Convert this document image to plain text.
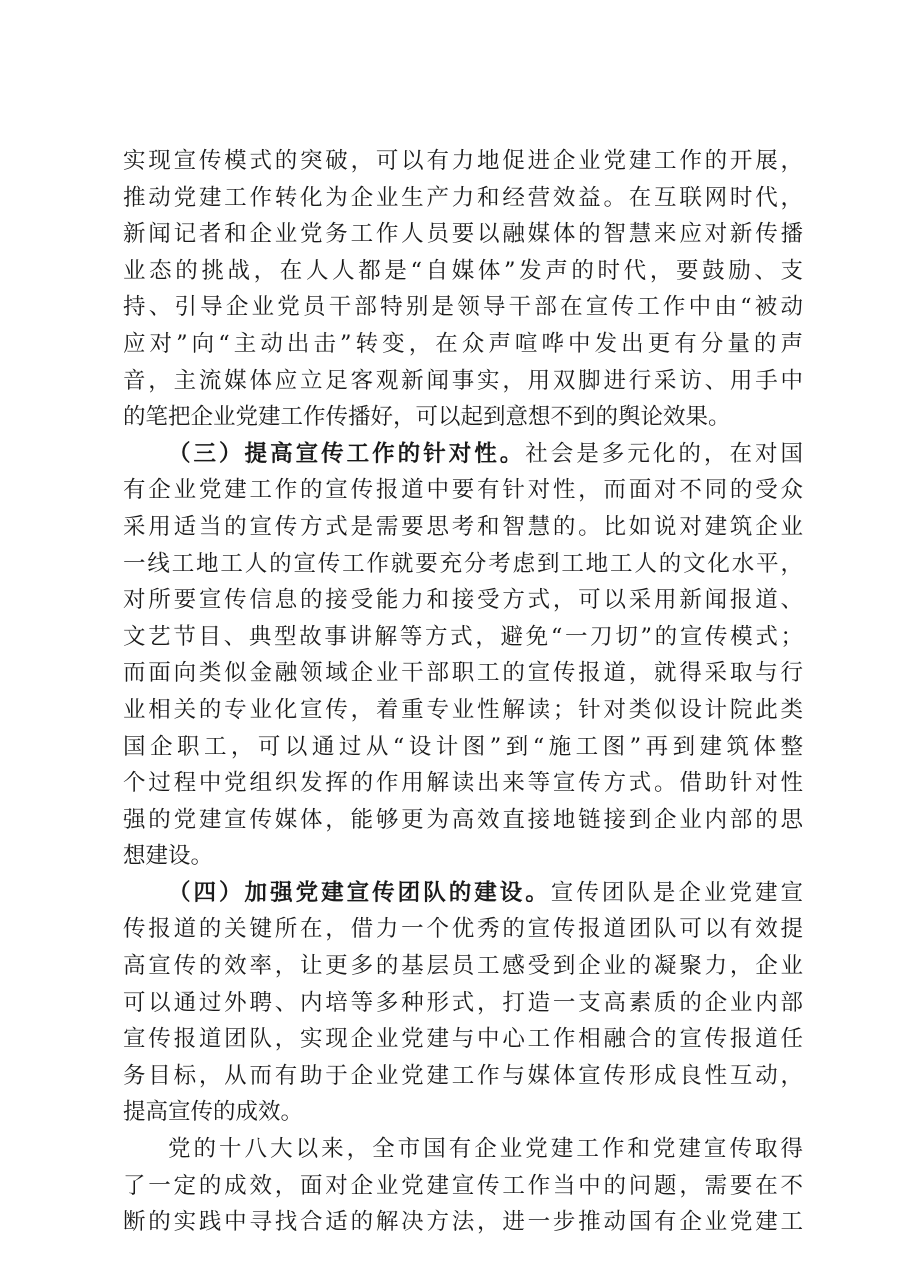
实现宣传模式的突破，可以有力地促进企业党建工作的开展，
推动党建工作转化为企业生产力和经营效益。在互联网时代，
新闻记者和企业党务工作人员要以融媒体的智慧来应对新传播
业态的挑战，在人人都是“自媒体”发声的时代，要鼓励、支
持、引导企业党员干部特别是领导干部在宣传工作中由“被动
应对”向“主动出击”转变，在众声喧哗中发出更有分量的声
音，主流媒体应立足客观新闻事实，用双脚进行采访、用手中
的笔把企业党建工作传播好，可以起到意想不到的舆论效果。
（三）提高宣传工作的针对性。社会是多元化的，在对国
有企业党建工作的宣传报道中要有针对性，而面对不同的受众
采用适当的宣传方式是需要思考和智慧的。比如说对建筑企业
一线工地工人的宣传工作就要充分考虑到工地工人的文化水平，
对所要宣传信息的接受能力和接受方式，可以采用新闻报道、
文艺节目、典型故事讲解等方式，避免“一刀切”的宣传模式；
而面向类似金融领域企业干部职工的宣传报道，就得采取与行
业相关的专业化宣传，着重专业性解读；针对类似设计院此类
国企职工，可以通过从“设计图”到“施工图”再到建筑体整
个过程中党组织发挥的作用解读出来等宣传方式。借助针对性
强的党建宣传媒体，能够更为高效直接地链接到企业内部的思
想建设。
（四）加强党建宣传团队的建设。宣传团队是企业党建宣
传报道的关键所在，借力一个优秀的宣传报道团队可以有效提
高宣传的效率，让更多的基层员工感受到企业的凝聚力，企业
可以通过外聘、内培等多种形式，打造一支高素质的企业内部
宣传报道团队，实现企业党建与中心工作相融合的宣传报道任
务目标，从而有助于企业党建工作与媒体宣传形成良性互动，
提高宣传的成效。
党的十八大以来，全市国有企业党建工作和党建宣传取得
了一定的成效，面对企业党建宣传工作当中的问题，需要在不
断的实践中寻找合适的解决方法，进一步推动国有企业党建工
